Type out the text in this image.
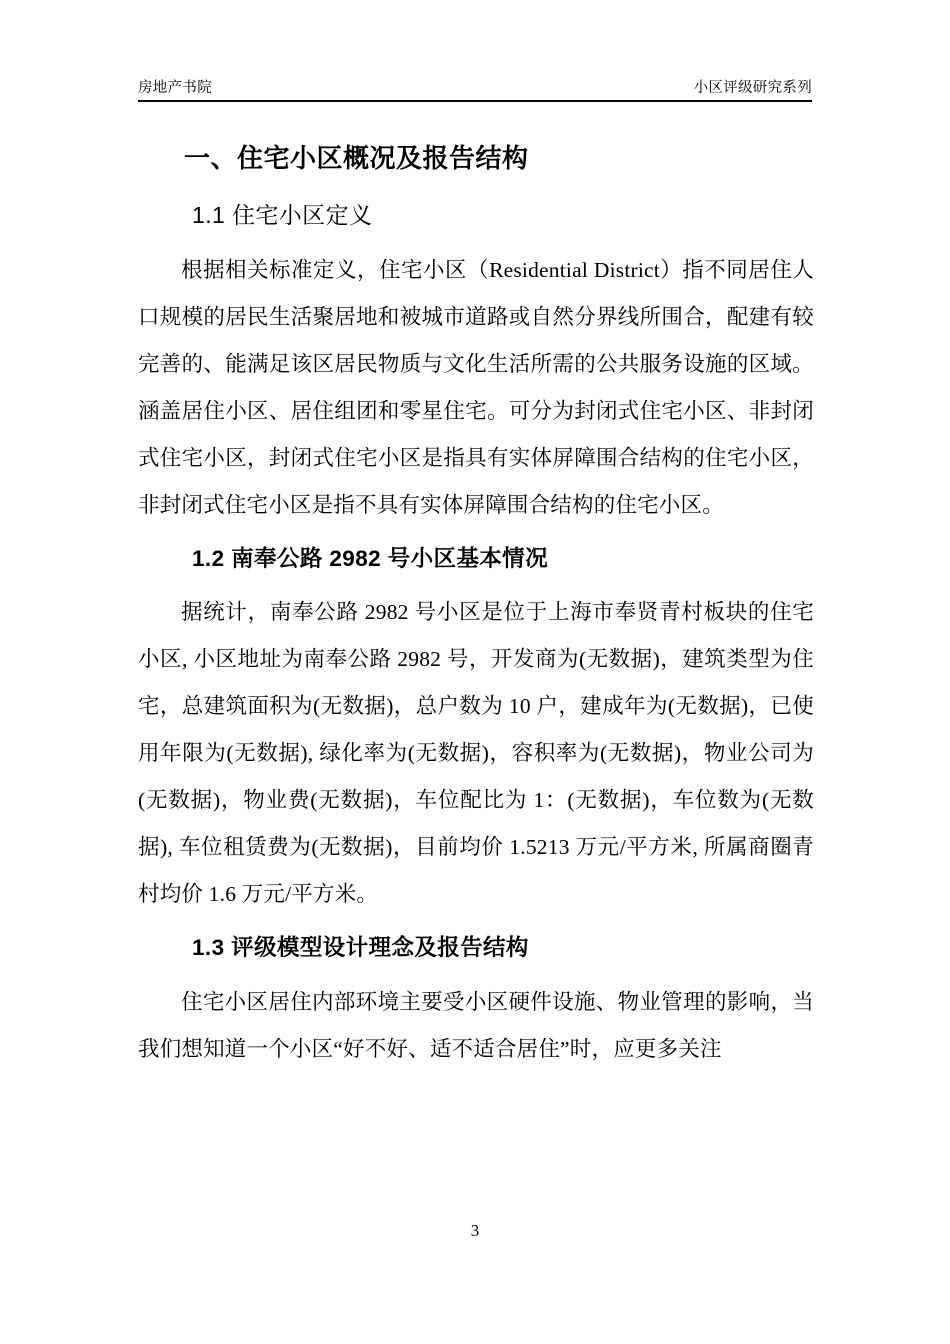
房地产书院	小区评级研究系列
一、住宅小区概况及报告结构
1.1 住宅小区定义

根据相关标准定义，住宅小区（Residential District）指不同居住人口规模的居民生活聚居地和被城市道路或自然分界线所围合，配建有较完善的、能满足该区居民物质与文化生活所需的公共服务设施的区域。涵盖居住小区、居住组团和零星住宅。可分为封闭式住宅小区、非封闭式住宅小区，封闭式住宅小区是指具有实体屏障围合结构的住宅小区，非封闭式住宅小区是指不具有实体屏障围合结构的住宅小区。

1.2 南奉公路 2982 号小区基本情况

据统计，南奉公路 2982 号小区是位于上海市奉贤青村板块的住宅小区, 小区地址为南奉公路 2982 号，开发商为(无数据)，建筑类型为住宅，总建筑面积为(无数据)，总户数为 10 户，建成年为(无数据)，已使用年限为(无数据), 绿化率为(无数据)，容积率为(无数据)，物业公司为(无数据)，物业费(无数据)，车位配比为 1：(无数据)，车位数为(无数据), 车位租赁费为(无数据)，目前均价 1.5213 万元/平方米, 所属商圈青村均价 1.6 万元/平方米。

1.3 评级模型设计理念及报告结构

住宅小区居住内部环境主要受小区硬件设施、物业管理的影响，当我们想知道一个小区“好不好、适不适合居住”时，应更多关注

3
